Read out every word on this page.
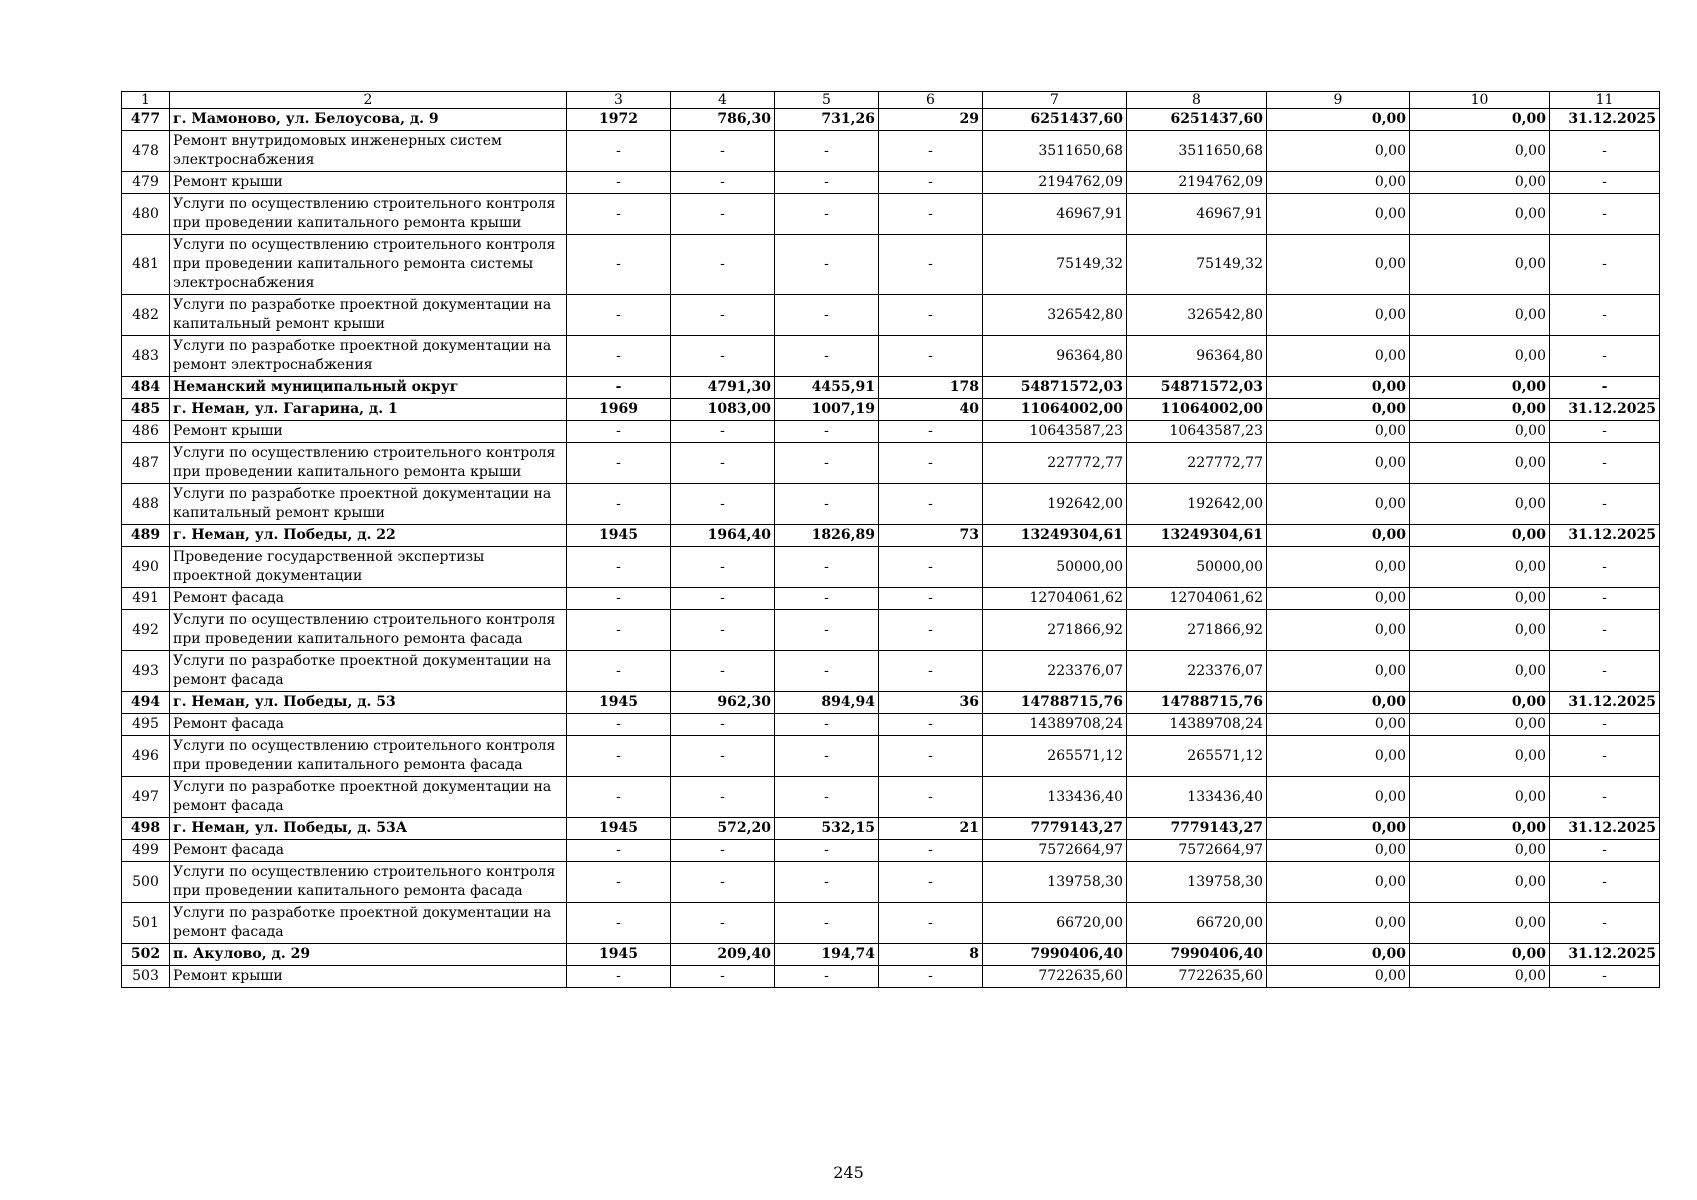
1	2	3	4	5	6	7	8	9	10	11
477	г. Мамоново, ул. Белоусова, д. 9	1972	786,30	731,26	29	6251437,60	6251437,60	0,00	0,00	31.12.2025
478	Ремонт внутридомовых инженерных систем электроснабжения	-	-	-	-	3511650,68	3511650,68	0,00	0,00	-
479	Ремонт крыши	-	-	-	-	2194762,09	2194762,09	0,00	0,00	-
480	Услуги по осуществлению строительного контроля при проведении капитального ремонта крыши	-	-	-	-	46967,91	46967,91	0,00	0,00	-
481	Услуги по осуществлению строительного контроля при проведении капитального ремонта системы электроснабжения	-	-	-	-	75149,32	75149,32	0,00	0,00	-
482	Услуги по разработке проектной документации на капитальный ремонт крыши	-	-	-	-	326542,80	326542,80	0,00	0,00	-
483	Услуги по разработке проектной документации на ремонт электроснабжения	-	-	-	-	96364,80	96364,80	0,00	0,00	-
484	Неманский муниципальный округ	-	4791,30	4455,91	178	54871572,03	54871572,03	0,00	0,00	-
485	г. Неман, ул. Гагарина, д. 1	1969	1083,00	1007,19	40	11064002,00	11064002,00	0,00	0,00	31.12.2025
486	Ремонт крыши	-	-	-	-	10643587,23	10643587,23	0,00	0,00	-
487	Услуги по осуществлению строительного контроля при проведении капитального ремонта крыши	-	-	-	-	227772,77	227772,77	0,00	0,00	-
488	Услуги по разработке проектной документации на капитальный ремонт крыши	-	-	-	-	192642,00	192642,00	0,00	0,00	-
489	г. Неман, ул. Победы, д. 22	1945	1964,40	1826,89	73	13249304,61	13249304,61	0,00	0,00	31.12.2025
490	Проведение государственной экспертизы проектной документации	-	-	-	-	50000,00	50000,00	0,00	0,00	-
491	Ремонт фасада	-	-	-	-	12704061,62	12704061,62	0,00	0,00	-
492	Услуги по осуществлению строительного контроля при проведении капитального ремонта фасада	-	-	-	-	271866,92	271866,92	0,00	0,00	-
493	Услуги по разработке проектной документации на ремонт фасада	-	-	-	-	223376,07	223376,07	0,00	0,00	-
494	г. Неман, ул. Победы, д. 53	1945	962,30	894,94	36	14788715,76	14788715,76	0,00	0,00	31.12.2025
495	Ремонт фасада	-	-	-	-	14389708,24	14389708,24	0,00	0,00	-
496	Услуги по осуществлению строительного контроля при проведении капитального ремонта фасада	-	-	-	-	265571,12	265571,12	0,00	0,00	-
497	Услуги по разработке проектной документации на ремонт фасада	-	-	-	-	133436,40	133436,40	0,00	0,00	-
498	г. Неман, ул. Победы, д. 53А	1945	572,20	532,15	21	7779143,27	7779143,27	0,00	0,00	31.12.2025
499	Ремонт фасада	-	-	-	-	7572664,97	7572664,97	0,00	0,00	-
500	Услуги по осуществлению строительного контроля при проведении капитального ремонта фасада	-	-	-	-	139758,30	139758,30	0,00	0,00	-
501	Услуги по разработке проектной документации на ремонт фасада	-	-	-	-	66720,00	66720,00	0,00	0,00	-
502	п. Акулово, д. 29	1945	209,40	194,74	8	7990406,40	7990406,40	0,00	0,00	31.12.2025
503	Ремонт крыши	-	-	-	-	7722635,60	7722635,60	0,00	0,00	-
245
